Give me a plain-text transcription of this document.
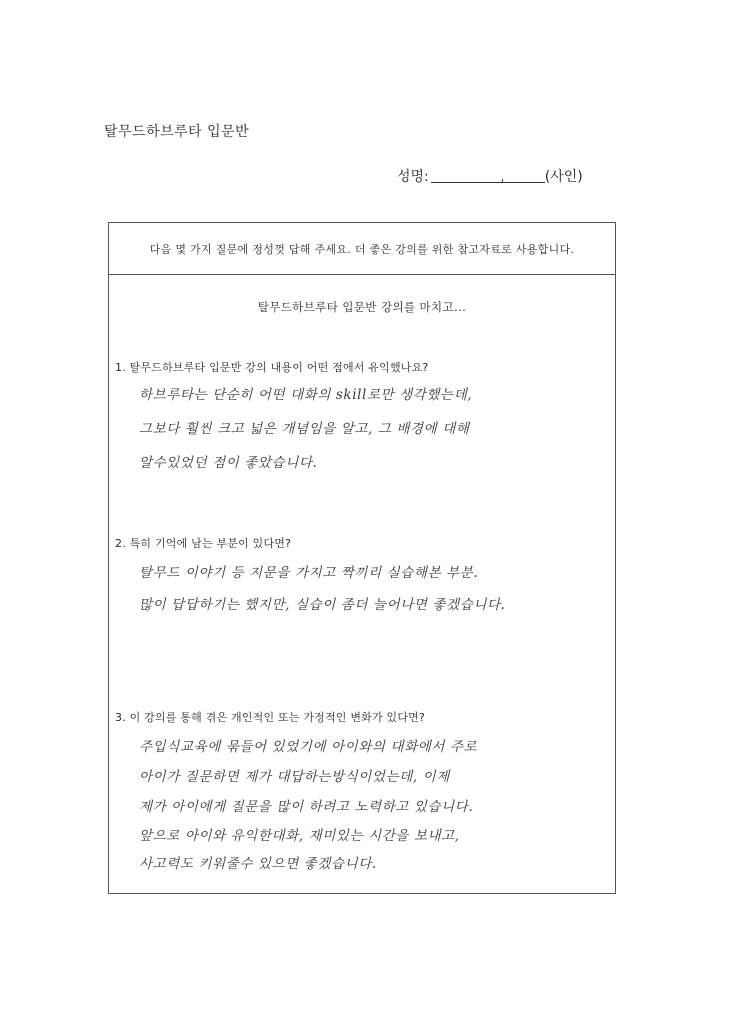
탈무드하브루타 입문반
성명:	,	(사인)
다음 몇 가지 질문에 정성껏 답해 주세요. 더 좋은 강의를 위한 참고자료로 사용합니다.
탈무드하브루타 입문반 강의를 마치고...
1. 탈무드하브루타 입문반 강의 내용이 어떤 점에서 유익했나요?
하브루타는 단순히 어떤 대화의 skill로만 생각했는데,
그보다 훨씬 크고 넓은 개념임을 알고, 그 배경에 대해
알수있었던 점이 좋았습니다.
2. 특히 기억에 남는 부분이 있다면?
탈무드 이야기 등 지문을 가지고 짝끼리 실습해본 부분.
많이 답답하기는 했지만, 실습이 좀더 늘어나면 좋겠습니다.
3. 이 강의를 통해 겪은 개인적인 또는 가정적인 변화가 있다면?
주입식교육에 묶들어 있었기에 아이와의 대화에서 주로
아이가 질문하면 제가 대답하는방식이었는데, 이제
제가 아이에게 질문을 많이 하려고 노력하고 있습니다.
앞으로 아이와 유익한대화, 재미있는 시간을 보내고,
사고력도 키워줄수 있으면 좋겠습니다.
